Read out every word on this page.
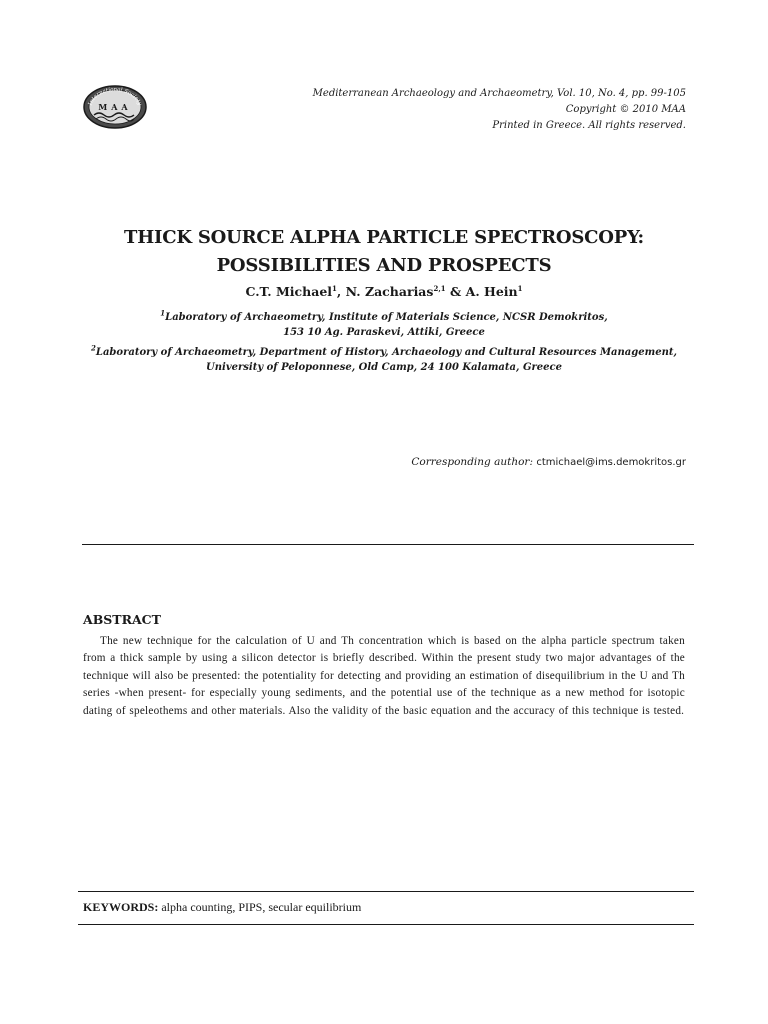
International Society
MAA
Mediterranean Archaeology and Archaeometry, Vol. 10, No. 4, pp. 99-105
Copyright © 2010 MAA
Printed in Greece. All rights reserved.
THICK SOURCE ALPHA PARTICLE SPECTROSCOPY:
POSSIBILITIES AND PROSPECTS
C.T. Michael$^1$, N. Zacharias$^{2,1}$ & A. Hein$^1$
$^1$Laboratory of Archaeometry, Institute of Materials Science, NCSR Demokritos,
153 10 Ag. Paraskevi, Attiki, Greece
$^2$Laboratory of Archaeometry, Department of History, Archaeology and Cultural Resources Management,
University of Peloponnese, Old Camp, 24 100 Kalamata, Greece
Corresponding author: ctmichael@ims.demokritos.gr
ABSTRACT
The new technique for the calculation of U and Th concentration which is based on the alpha particle spectrum taken from a thick sample by using a silicon detector is briefly described. Within the present study two major advantages of the technique will also be presented: the potentiality for detecting and providing an estimation of disequilibrium in the U and Th series -when present- for especially young sediments, and the potential use of the technique as a new method for isotopic dating of speleothems and other materials. Also the validity of the basic equation and the accuracy of this technique is tested.
KEYWORDS: alpha counting, PIPS, secular equilibrium
